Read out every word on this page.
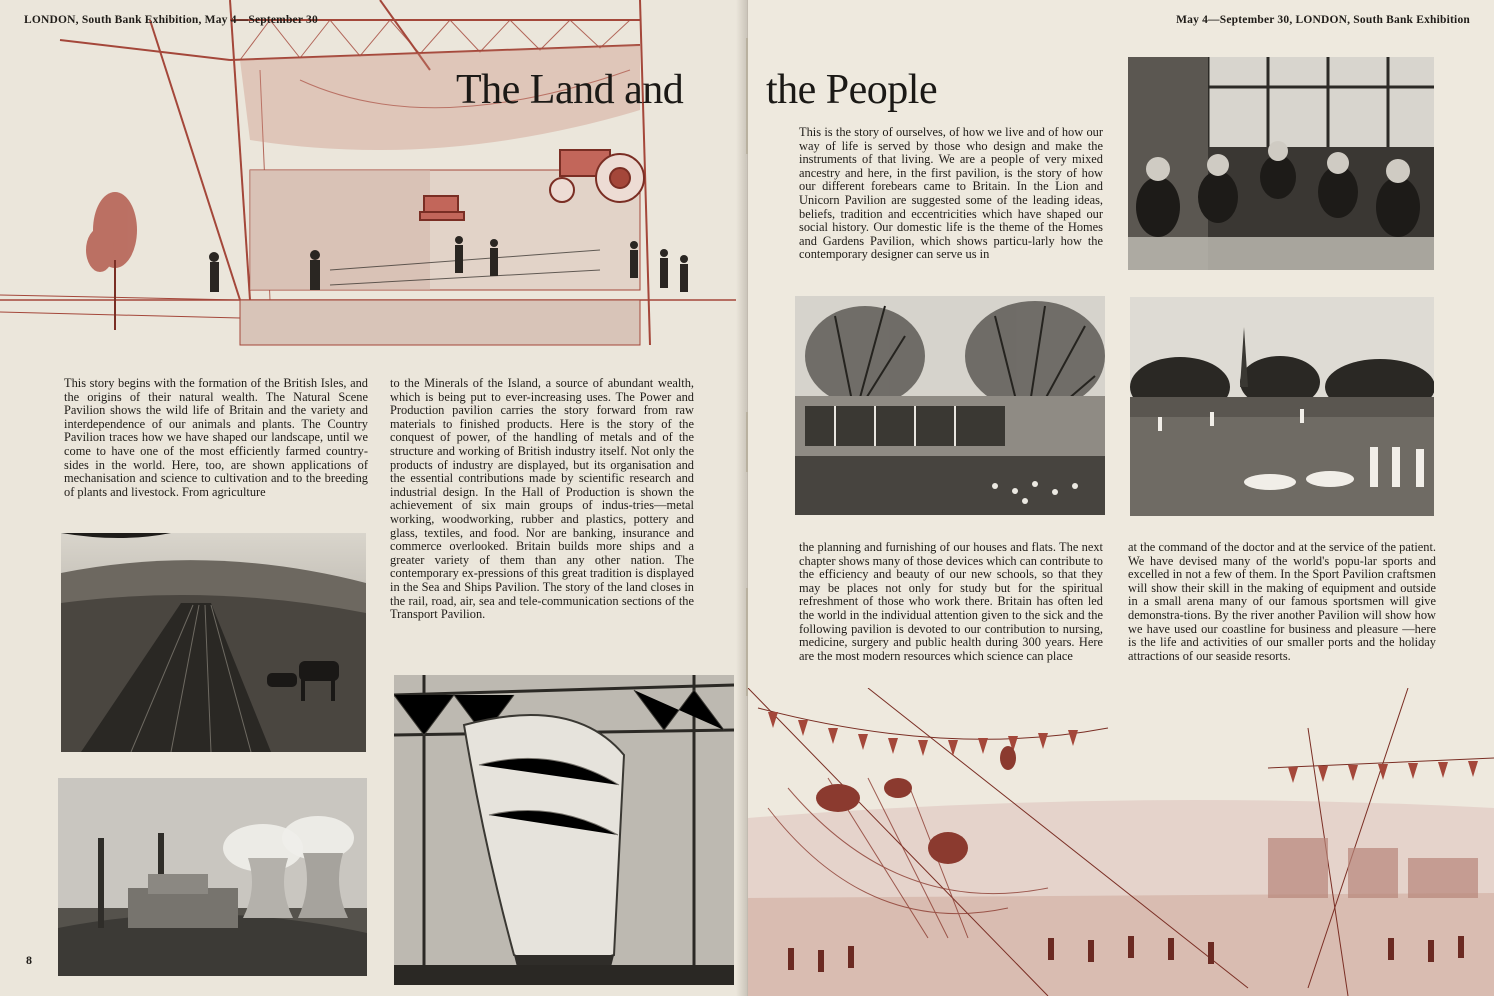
LONDON, South Bank Exhibition, May 4—September 30
The Land and
This story begins with the formation of the British Isles, and the origins of their natural wealth. The Natural Scene Pavilion shows the wild life of Britain and the variety and interdependence of our animals and plants. The Country Pavilion traces how we have shaped our landscape, until we come to have one of the most efficiently farmed country-sides in the world. Here, too, are shown applications of mechanisation and science to cultivation and to the breeding of plants and livestock. From agriculture
to the Minerals of the Island, a source of abundant wealth, which is being put to ever-increasing uses. The Power and Production pavilion carries the story forward from raw materials to finished products. Here is the story of the conquest of power, of the handling of metals and of the structure and working of British industry itself. Not only the products of industry are displayed, but its organisation and the essential contributions made by scientific research and industrial design. In the Hall of Production is shown the achievement of six main groups of indus-tries—metal working, woodworking, rubber and plastics, pottery and glass, textiles, and food. Nor are banking, insurance and commerce overlooked. Britain builds more ships and a greater variety of them than any other nation. The contemporary ex-pressions of this great tradition is displayed in the Sea and Ships Pavilion. The story of the land closes in the rail, road, air, sea and tele-communication sections of the Transport Pavilion.
8
May 4—September 30, LONDON, South Bank Exhibition
the People
This is the story of ourselves, of how we live and of how our way of life is served by those who design and make the instruments of that living. We are a people of very mixed ancestry and here, in the first pavilion, is the story of how our different forebears came to Britain. In the Lion and Unicorn Pavilion are suggested some of the leading ideas, beliefs, tradition and eccentricities which have shaped our social history. Our domestic life is the theme of the Homes and Gardens Pavilion, which shows particu-larly how the contemporary designer can serve us in
the planning and furnishing of our houses and flats. The next chapter shows many of those devices which can contribute to the efficiency and beauty of our new schools, so that they may be places not only for study but for the spiritual refreshment of those who work there. Britain has often led the world in the individual attention given to the sick and the following pavilion is devoted to our contribution to nursing, medicine, surgery and public health during 300 years. Here are the most modern resources which science can place
at the command of the doctor and at the service of the patient. We have devised many of the world's popu-lar sports and excelled in not a few of them. In the Sport Pavilion craftsmen will show their skill in the making of equipment and outside in a small arena many of our famous sportsmen will give demonstra-tions. By the river another Pavilion will show how we have used our coastline for business and pleasure —here is the life and activities of our smaller ports and the holiday attractions of our seaside resorts.
